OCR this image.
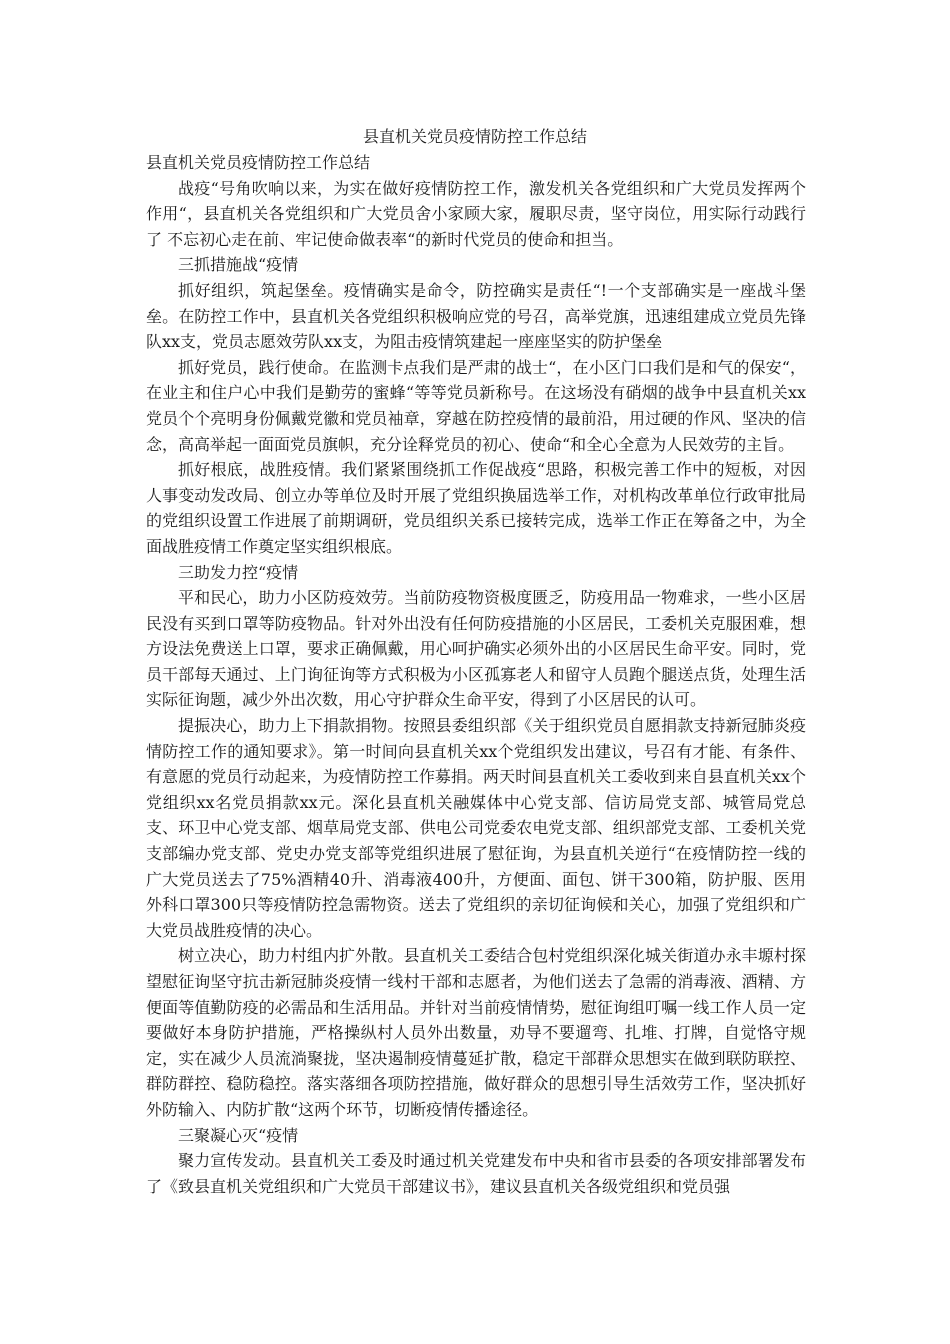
县直机关党员疫情防控工作总结

县直机关党员疫情防控工作总结

战疫“号角吹响以来，为实在做好疫情防控工作，激发机关各党组织和广大党员发挥两个作用“，县直机关各党组织和广大党员舍小家顾大家，履职尽责，坚守岗位，用实际行动践行了 不忘初心走在前、牢记使命做表率“的新时代党员的使命和担当。

三抓措施战“疫情

抓好组织，筑起堡垒。疫情确实是命令，防控确实是责任“!一个支部确实是一座战斗堡垒。在防控工作中，县直机关各党组织积极响应党的号召，高举党旗，迅速组建成立党员先锋队xx支，党员志愿效劳队xx支，为阻击疫情筑建起一座座坚实的防护堡垒

抓好党员，践行使命。在监测卡点我们是严肃的战士“，在小区门口我们是和气的保安“，在业主和住户心中我们是勤劳的蜜蜂“等等党员新称号。在这场没有硝烟的战争中县直机关xx党员个个亮明身份佩戴党徽和党员袖章，穿越在防控疫情的最前沿，用过硬的作风、坚决的信念，高高举起一面面党员旗帜，充分诠释党员的初心、使命“和全心全意为人民效劳的主旨。

抓好根底，战胜疫情。我们紧紧围绕抓工作促战疫“思路，积极完善工作中的短板，对因人事变动发改局、创立办等单位及时开展了党组织换届选举工作，对机构改革单位行政审批局的党组织设置工作进展了前期调研，党员组织关系已接转完成，选举工作正在筹备之中，为全面战胜疫情工作奠定坚实组织根底。

三助发力控“疫情

平和民心，助力小区防疫效劳。当前防疫物资极度匮乏，防疫用品一物难求，一些小区居民没有买到口罩等防疫物品。针对外出没有任何防疫措施的小区居民，工委机关克服困难，想方设法免费送上口罩，要求正确佩戴，用心呵护确实必须外出的小区居民生命平安。同时，党员干部每天通过、上门询征询等方式积极为小区孤寡老人和留守人员跑个腿送点货，处理生活实际征询题，减少外出次数，用心守护群众生命平安，得到了小区居民的认可。

提振决心，助力上下捐款捐物。按照县委组织部《关于组织党员自愿捐款支持新冠肺炎疫情防控工作的通知要求》。第一时间向县直机关xx个党组织发出建议，号召有才能、有条件、有意愿的党员行动起来，为疫情防控工作募捐。两天时间县直机关工委收到来自县直机关xx个党组织xx名党员捐款xx元。深化县直机关融媒体中心党支部、信访局党支部、城管局党总支、环卫中心党支部、烟草局党支部、供电公司党委农电党支部、组织部党支部、工委机关党支部编办党支部、党史办党支部等党组织进展了慰征询，为县直机关逆行“在疫情防控一线的广大党员送去了75%酒精40升、消毒液400升，方便面、面包、饼干300箱，防护服、医用外科口罩300只等疫情防控急需物资。送去了党组织的亲切征询候和关心，加强了党组织和广大党员战胜疫情的决心。

树立决心，助力村组内扩外散。县直机关工委结合包村党组织深化城关街道办永丰塬村探望慰征询坚守抗击新冠肺炎疫情一线村干部和志愿者，为他们送去了急需的消毒液、酒精、方便面等值勤防疫的必需品和生活用品。并针对当前疫情情势，慰征询组叮嘱一线工作人员一定要做好本身防护措施，严格操纵村人员外出数量，劝导不要遛弯、扎堆、打牌，自觉恪守规定，实在减少人员流淌聚拢，坚决遏制疫情蔓延扩散，稳定干部群众思想实在做到联防联控、群防群控、稳防稳控。落实落细各项防控措施，做好群众的思想引导生活效劳工作，坚决抓好外防输入、内防扩散“这两个环节，切断疫情传播途径。

三聚凝心灭“疫情

聚力宣传发动。县直机关工委及时通过机关党建发布中央和省市县委的各项安排部署发布了《致县直机关党组织和广大党员干部建议书》，建议县直机关各级党组织和党员强
